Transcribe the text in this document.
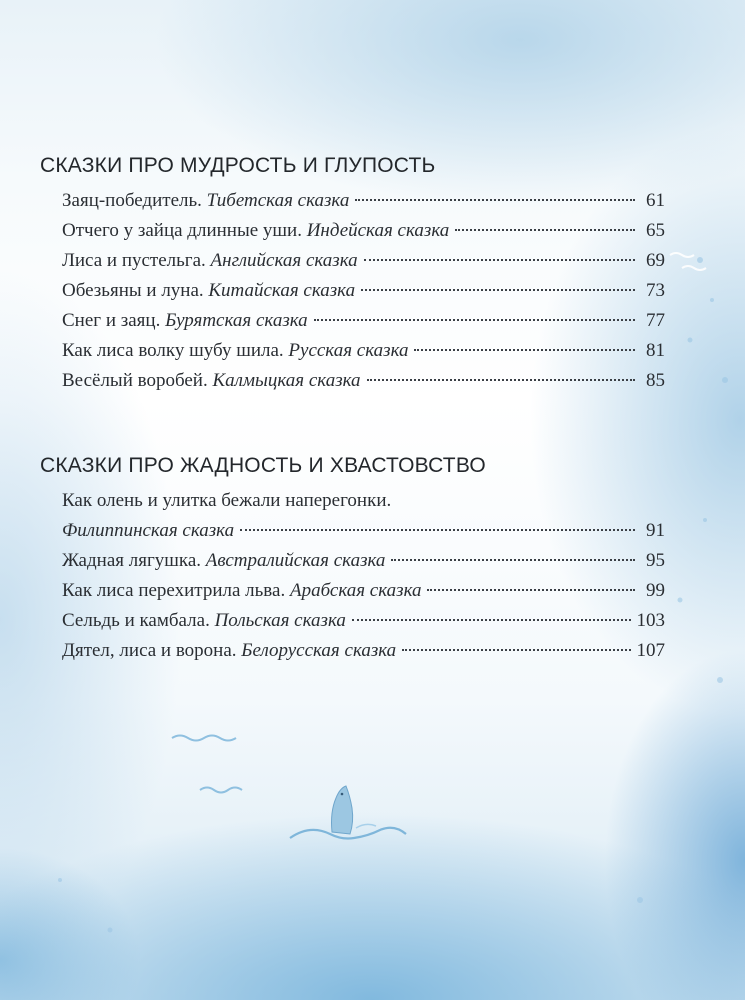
СКАЗКИ ПРО МУДРОСТЬ И ГЛУПОСТЬ
Заяц-победитель. Тибетская сказка	61
Отчего у зайца длинные уши. Индейская сказка	65
Лиса и пустельга. Английская сказка	69
Обезьяны и луна. Китайская сказка	73
Снег и заяц. Бурятская сказка	77
Как лиса волку шубу шила. Русская сказка	81
Весёлый воробей. Калмыцкая сказка	85
СКАЗКИ ПРО ЖАДНОСТЬ И ХВАСТОВСТВО
Как олень и улитка бежали наперегонки.
Филиппинская сказка	91
Жадная лягушка. Австралийская сказка	95
Как лиса перехитрила льва. Арабская сказка	99
Сельдь и камбала. Польская сказка	103
Дятел, лиса и ворона. Белорусская сказка	107
